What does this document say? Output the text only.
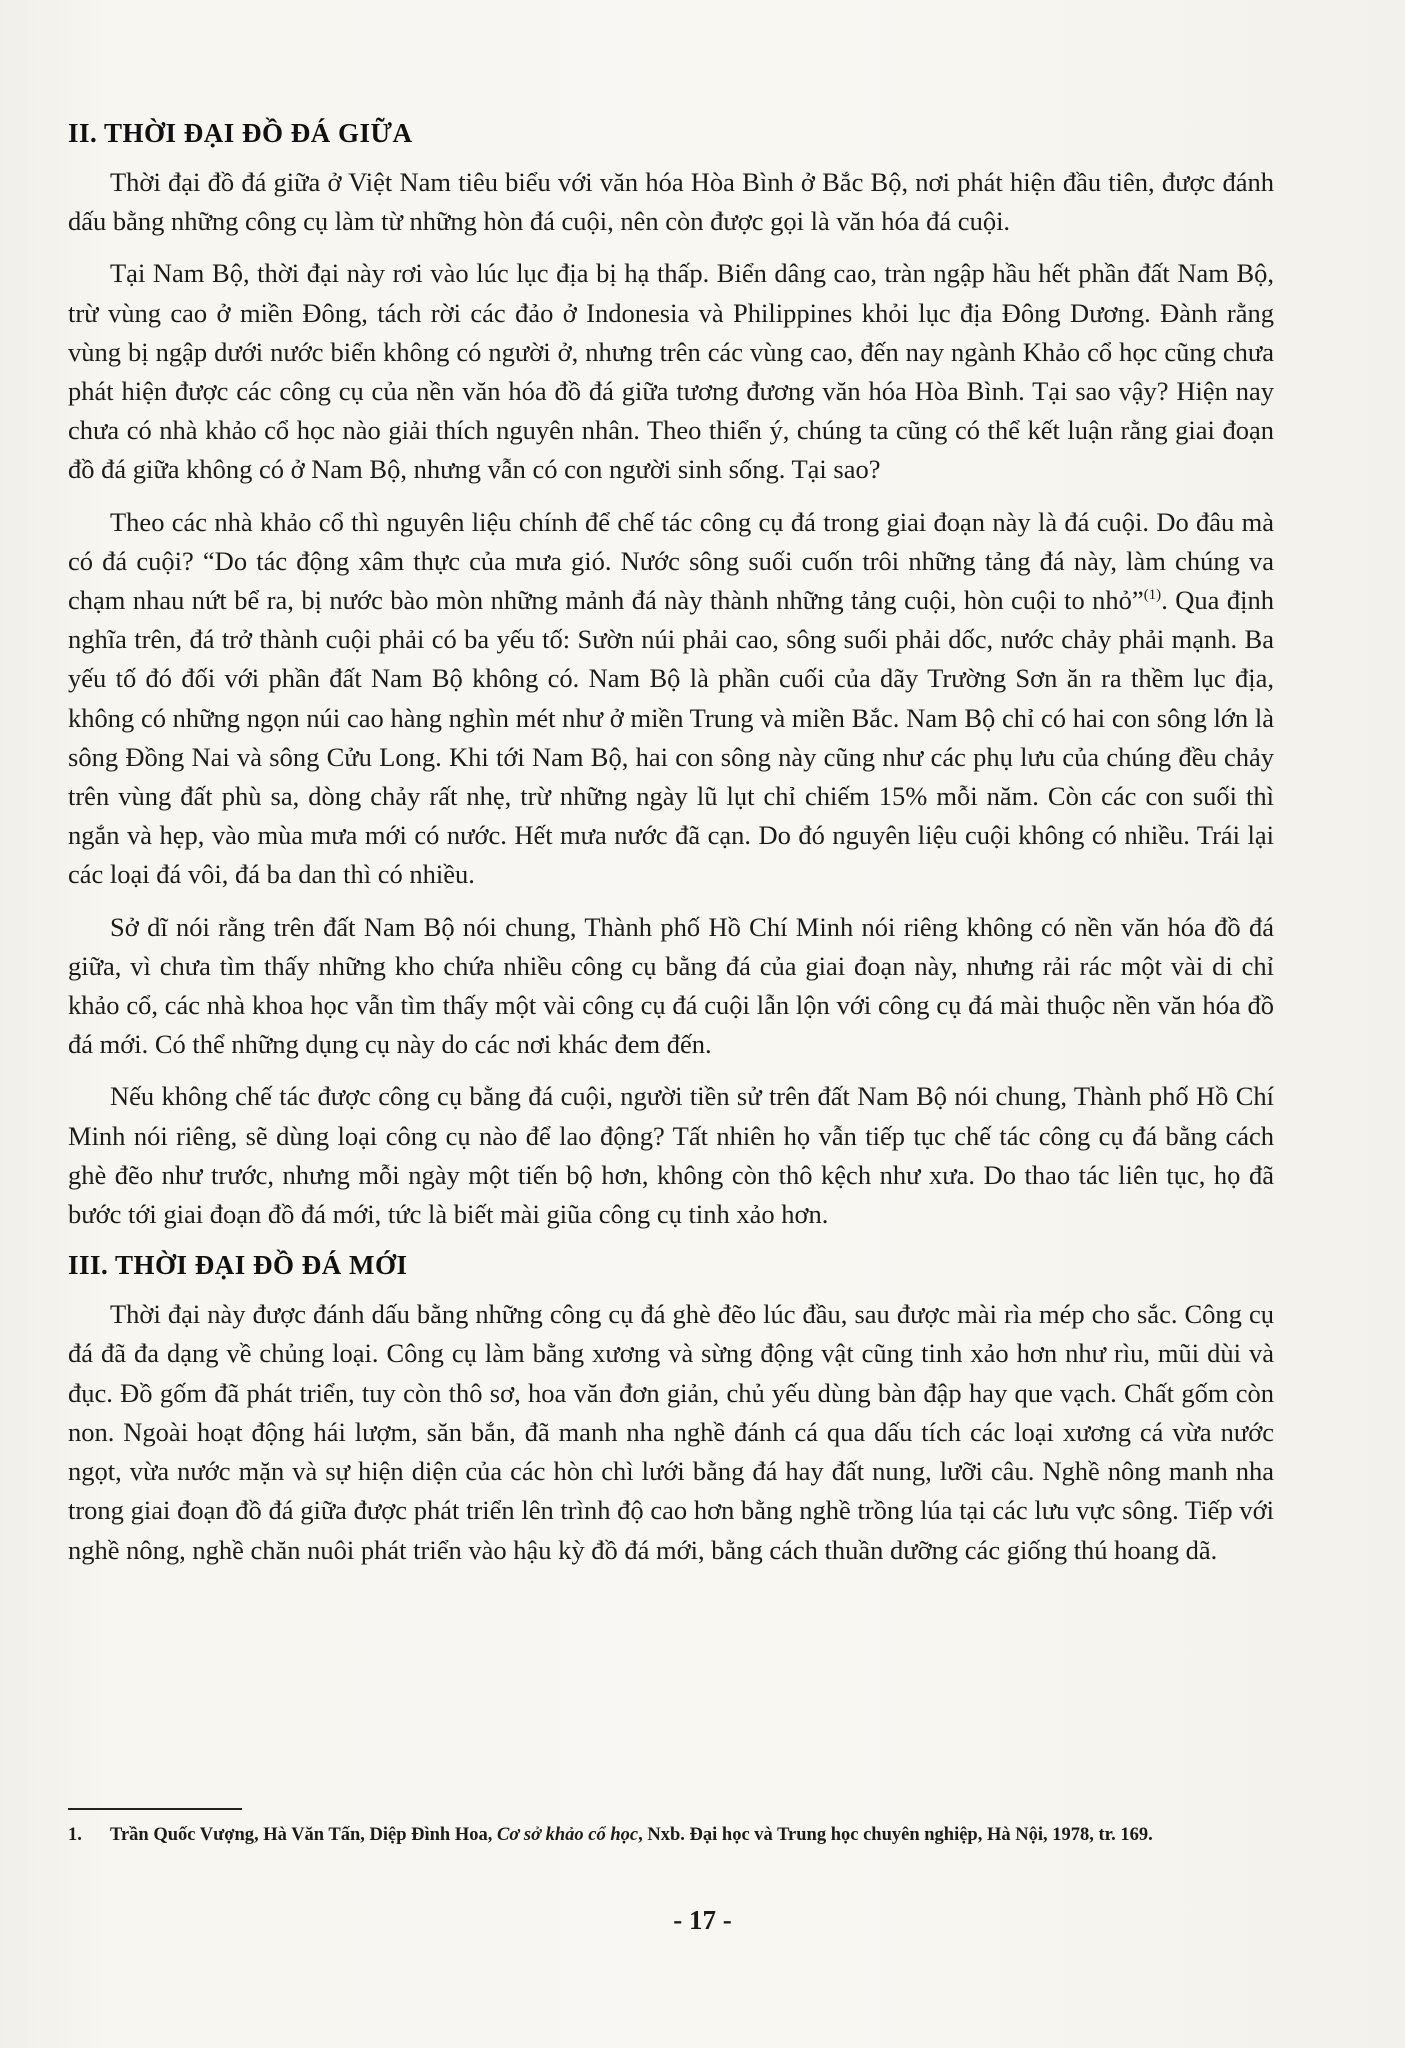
II. THỜI ĐẠI ĐỒ ĐÁ GIỮA

Thời đại đồ đá giữa ở Việt Nam tiêu biểu với văn hóa Hòa Bình ở Bắc Bộ, nơi phát hiện đầu tiên, được đánh dấu bằng những công cụ làm từ những hòn đá cuội, nên còn được gọi là văn hóa đá cuội.

Tại Nam Bộ, thời đại này rơi vào lúc lục địa bị hạ thấp. Biển dâng cao, tràn ngập hầu hết phần đất Nam Bộ, trừ vùng cao ở miền Đông, tách rời các đảo ở Indonesia và Philippines khỏi lục địa Đông Dương. Đành rằng vùng bị ngập dưới nước biển không có người ở, nhưng trên các vùng cao, đến nay ngành Khảo cổ học cũng chưa phát hiện được các công cụ của nền văn hóa đồ đá giữa tương đương văn hóa Hòa Bình. Tại sao vậy? Hiện nay chưa có nhà khảo cổ học nào giải thích nguyên nhân. Theo thiển ý, chúng ta cũng có thể kết luận rằng giai đoạn đồ đá giữa không có ở Nam Bộ, nhưng vẫn có con người sinh sống. Tại sao?

Theo các nhà khảo cổ thì nguyên liệu chính để chế tác công cụ đá trong giai đoạn này là đá cuội. Do đâu mà có đá cuội? “Do tác động xâm thực của mưa gió. Nước sông suối cuốn trôi những tảng đá này, làm chúng va chạm nhau nứt bể ra, bị nước bào mòn những mảnh đá này thành những tảng cuội, hòn cuội to nhỏ”$^{(1)}$. Qua định nghĩa trên, đá trở thành cuội phải có ba yếu tố: Sườn núi phải cao, sông suối phải dốc, nước chảy phải mạnh. Ba yếu tố đó đối với phần đất Nam Bộ không có. Nam Bộ là phần cuối của dãy Trường Sơn ăn ra thềm lục địa, không có những ngọn núi cao hàng nghìn mét như ở miền Trung và miền Bắc. Nam Bộ chỉ có hai con sông lớn là sông Đồng Nai và sông Cửu Long. Khi tới Nam Bộ, hai con sông này cũng như các phụ lưu của chúng đều chảy trên vùng đất phù sa, dòng chảy rất nhẹ, trừ những ngày lũ lụt chỉ chiếm 15% mỗi năm. Còn các con suối thì ngắn và hẹp, vào mùa mưa mới có nước. Hết mưa nước đã cạn. Do đó nguyên liệu cuội không có nhiều. Trái lại các loại đá vôi, đá ba dan thì có nhiều.

Sở dĩ nói rằng trên đất Nam Bộ nói chung, Thành phố Hồ Chí Minh nói riêng không có nền văn hóa đồ đá giữa, vì chưa tìm thấy những kho chứa nhiều công cụ bằng đá của giai đoạn này, nhưng rải rác một vài di chỉ khảo cổ, các nhà khoa học vẫn tìm thấy một vài công cụ đá cuội lẫn lộn với công cụ đá mài thuộc nền văn hóa đồ đá mới. Có thể những dụng cụ này do các nơi khác đem đến.

Nếu không chế tác được công cụ bằng đá cuội, người tiền sử trên đất Nam Bộ nói chung, Thành phố Hồ Chí Minh nói riêng, sẽ dùng loại công cụ nào để lao động? Tất nhiên họ vẫn tiếp tục chế tác công cụ đá bằng cách ghè đẽo như trước, nhưng mỗi ngày một tiến bộ hơn, không còn thô kệch như xưa. Do thao tác liên tục, họ đã bước tới giai đoạn đồ đá mới, tức là biết mài giũa công cụ tinh xảo hơn.

III. THỜI ĐẠI ĐỒ ĐÁ MỚI

Thời đại này được đánh dấu bằng những công cụ đá ghè đẽo lúc đầu, sau được mài rìa mép cho sắc. Công cụ đá đã đa dạng về chủng loại. Công cụ làm bằng xương và sừng động vật cũng tinh xảo hơn như rìu, mũi dùi và đục. Đồ gốm đã phát triển, tuy còn thô sơ, hoa văn đơn giản, chủ yếu dùng bàn đập hay que vạch. Chất gốm còn non. Ngoài hoạt động hái lượm, săn bắn, đã manh nha nghề đánh cá qua dấu tích các loại xương cá vừa nước ngọt, vừa nước mặn và sự hiện diện của các hòn chì lưới bằng đá hay đất nung, lưỡi câu. Nghề nông manh nha trong giai đoạn đồ đá giữa được phát triển lên trình độ cao hơn bằng nghề trồng lúa tại các lưu vực sông. Tiếp với nghề nông, nghề chăn nuôi phát triển vào hậu kỳ đồ đá mới, bằng cách thuần dưỡng các giống thú hoang dã.

1.	Trần Quốc Vượng, Hà Văn Tấn, Diệp Đình Hoa, Cơ sở khảo cổ học, Nxb. Đại học và Trung học chuyên nghiệp, Hà Nội, 1978, tr. 169.
- 17 -
